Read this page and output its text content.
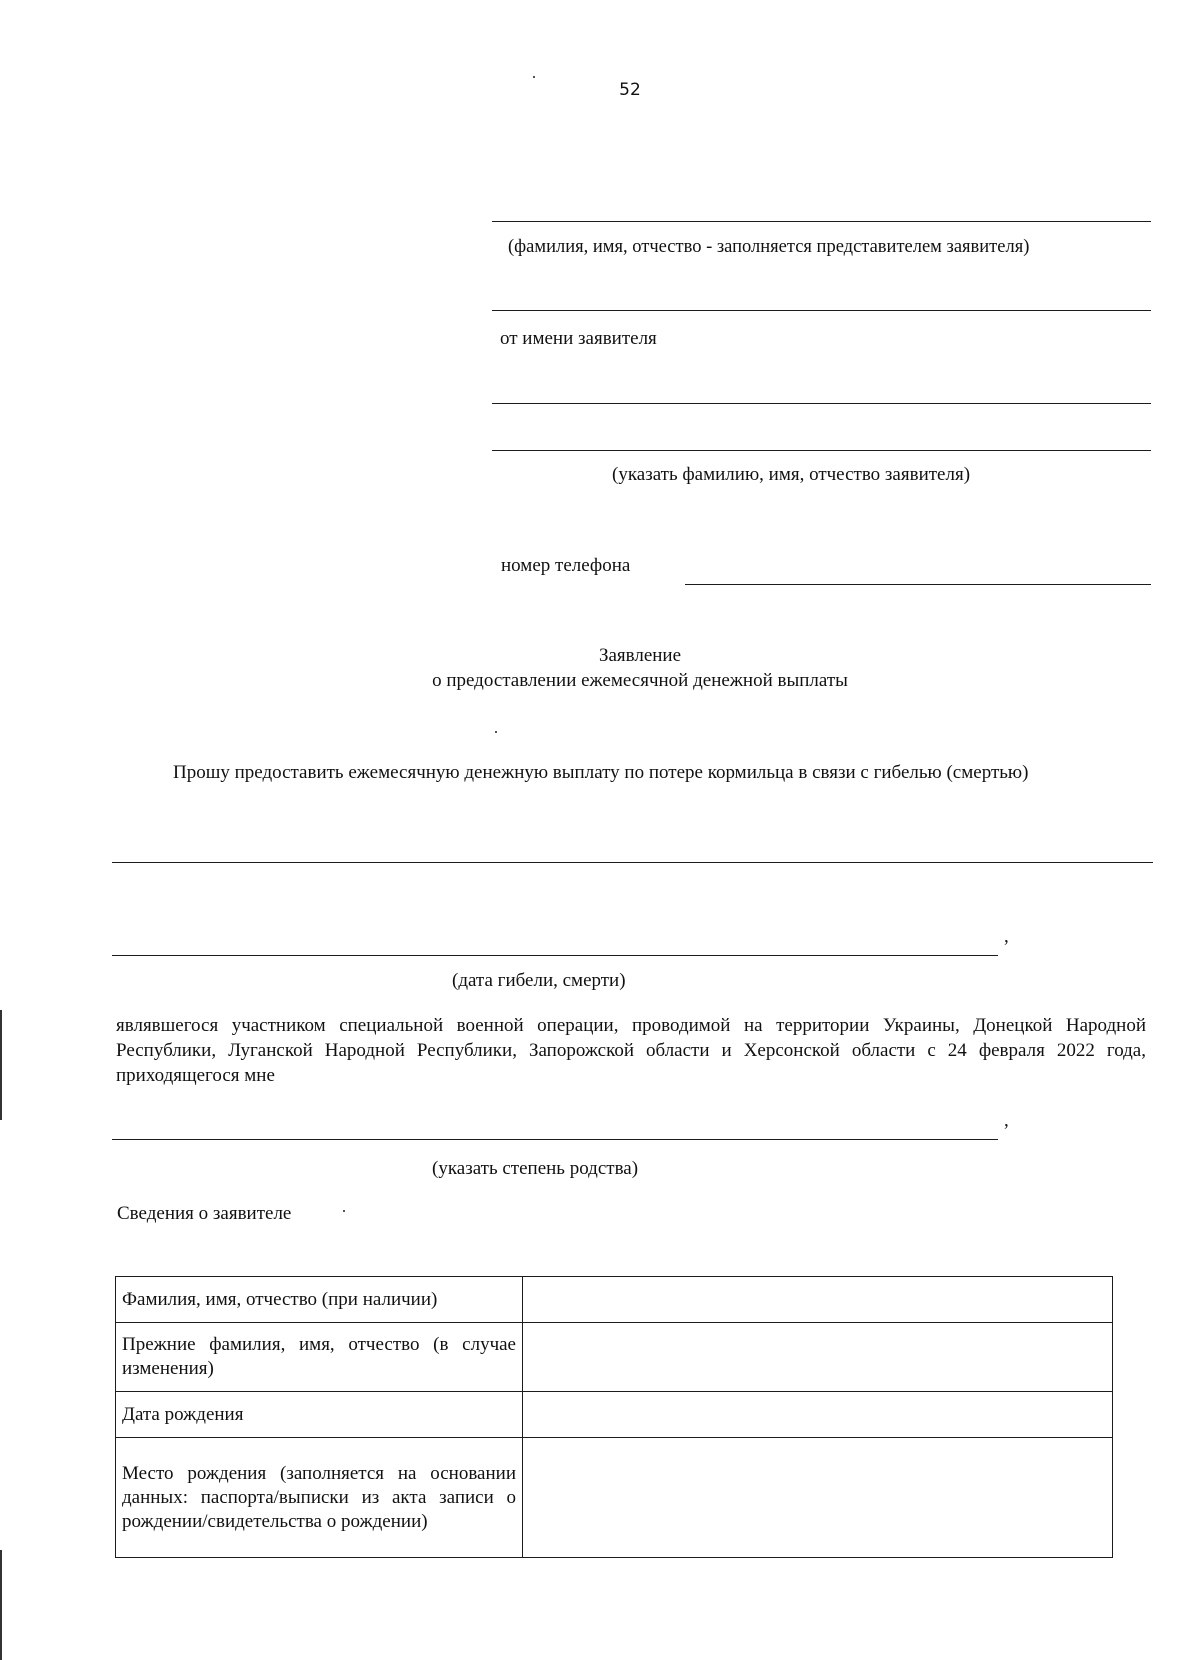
52
(фамилия, имя, отчество - заполняется представителем заявителя)
от имени заявителя
(указать фамилию, имя, отчество заявителя)
номер телефона
Заявление
о предоставлении ежемесячной денежной выплаты
Прошу предоставить ежемесячную денежную выплату по потере кормильца в связи с гибелью (смертью)
,
(дата гибели, смерти)
являвшегося участником специальной военной операции, проводимой на территории Украины, Донецкой Народной Республики, Луганской Народной Республики, Запорожской области и Херсонской области с 24 февраля 2022 года, приходящегося мне
,
(указать степень родства)
Сведения о заявителе
Фамилия, имя, отчество (при наличии)	
Прежние фамилия, имя, отчество (в случае изменения)	
Дата рождения	
Место рождения (заполняется на основании данных: паспорта/выписки из акта записи о рождении/свидетельства о рождении)	
